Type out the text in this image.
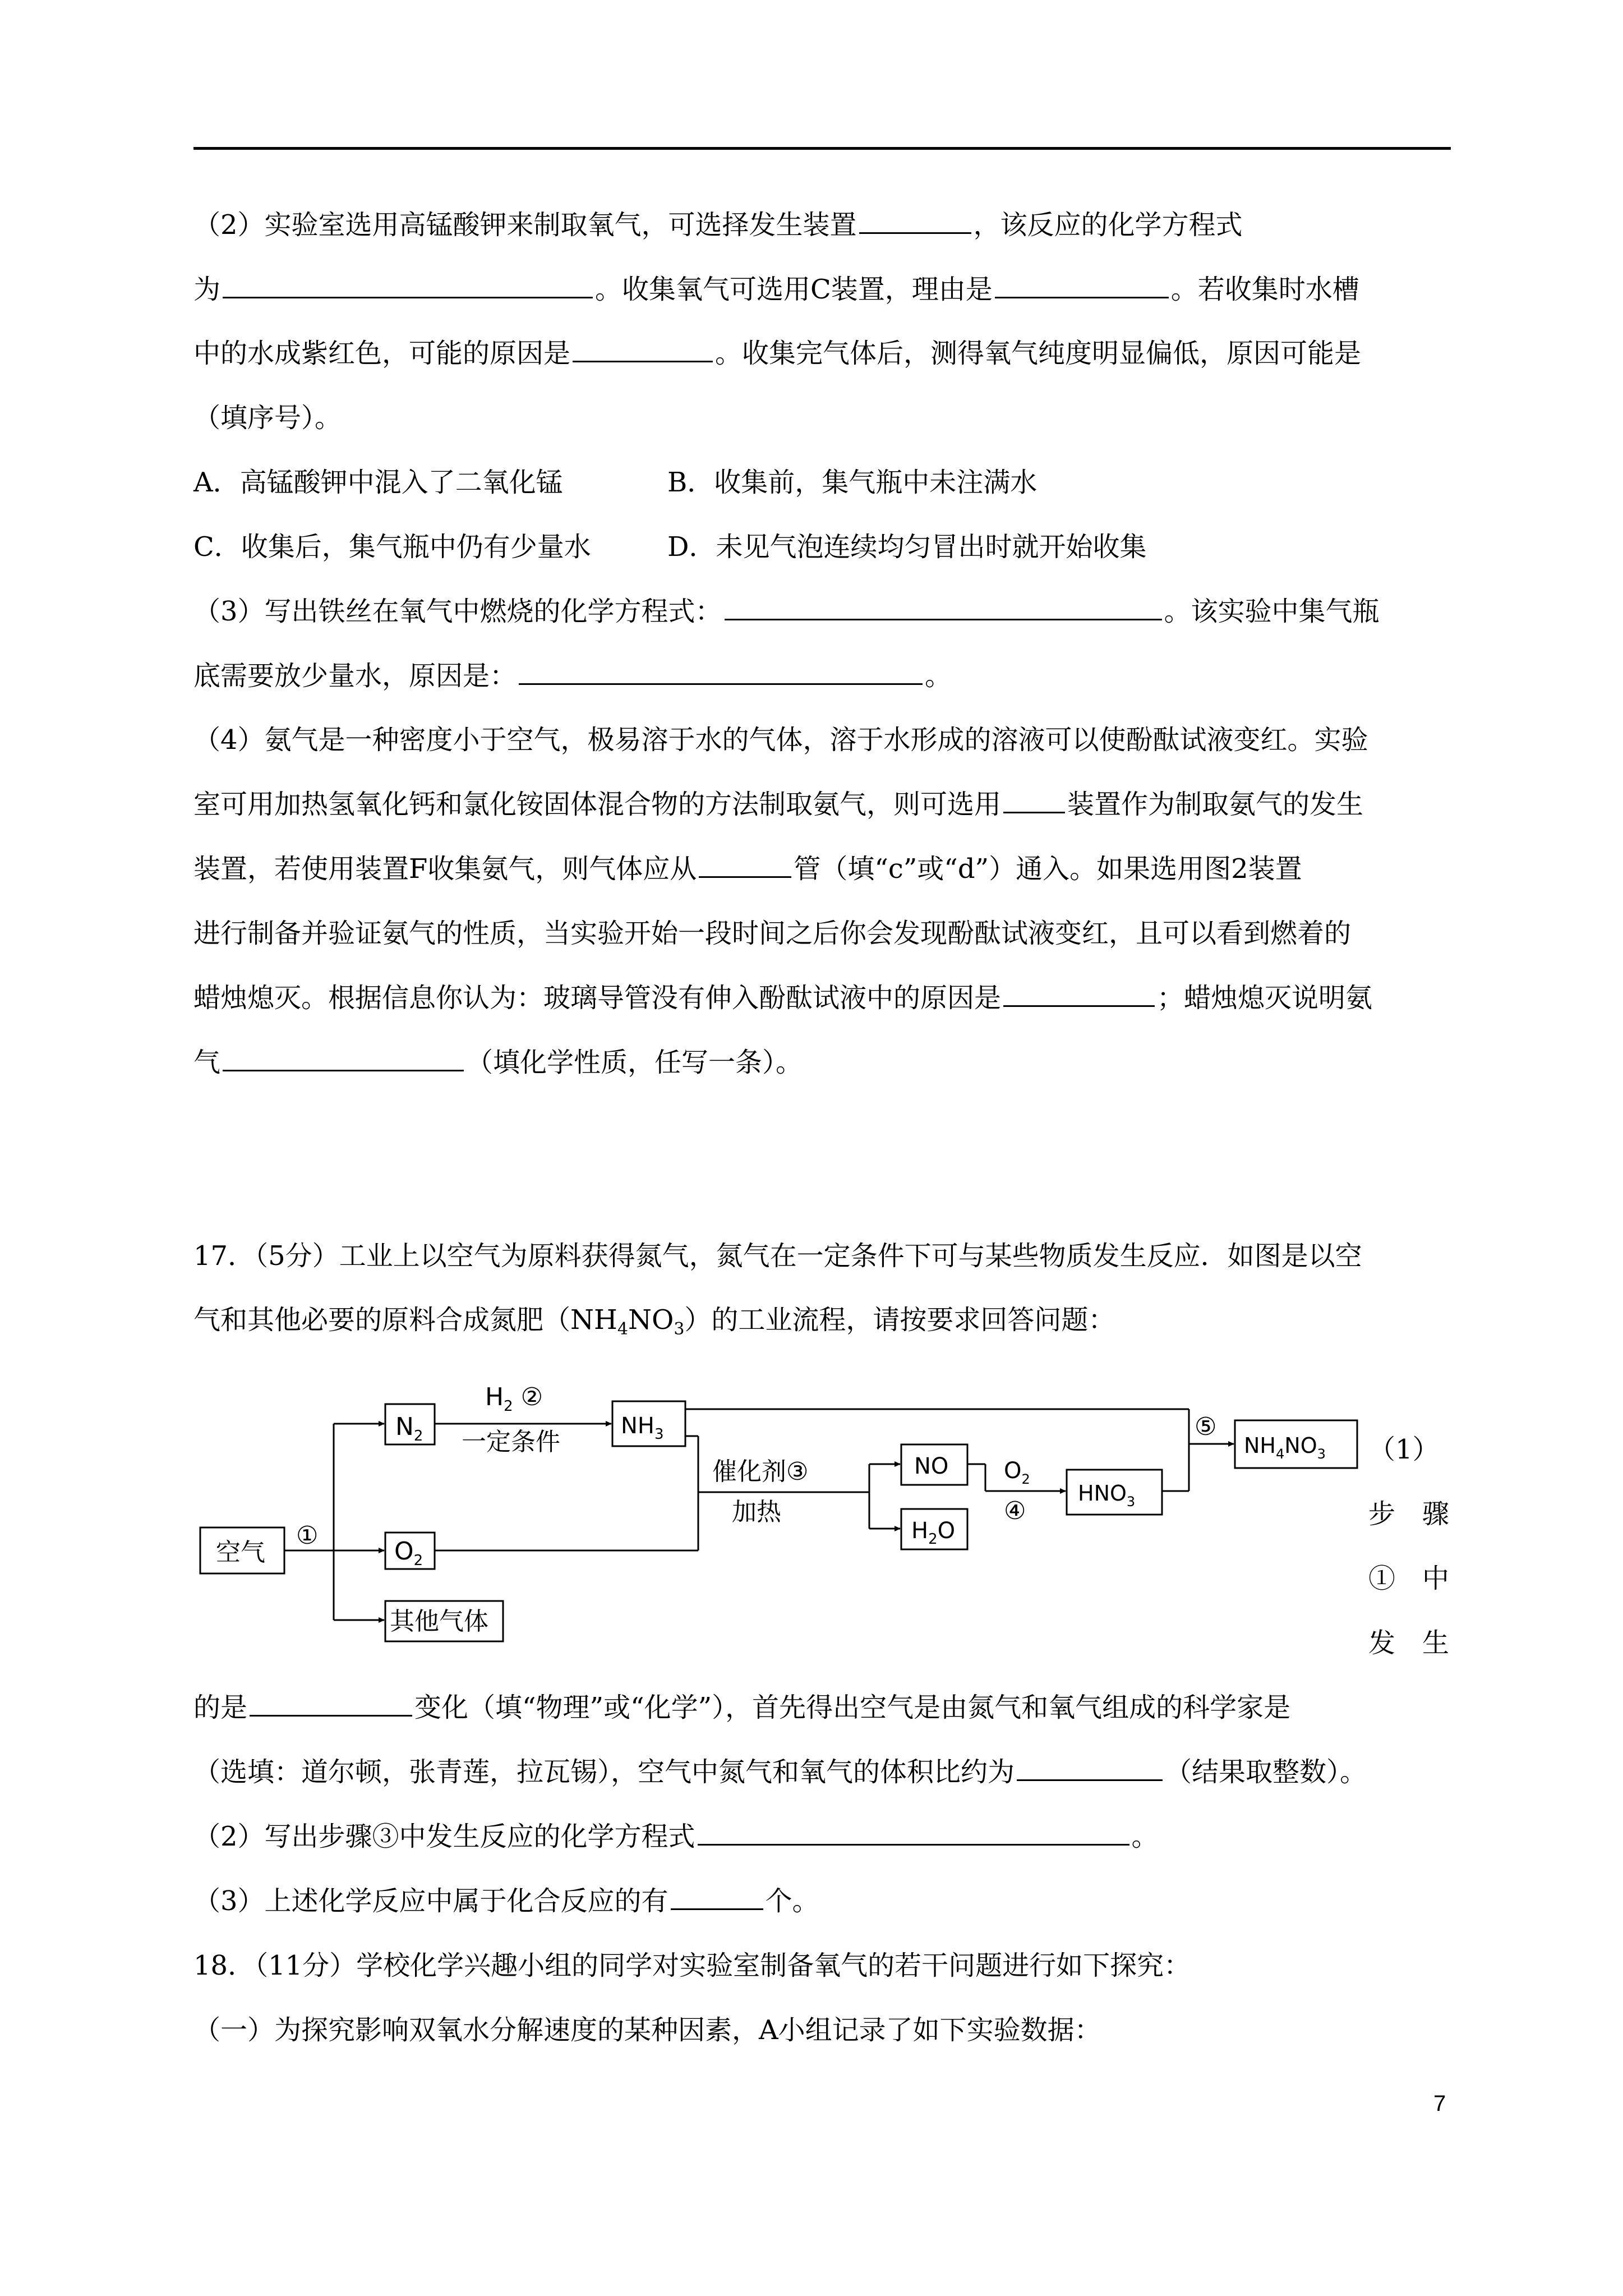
（2）实验室选用高锰酸钾来制取氧气，可选择发生装置	，该反应的化学方程式
为	。收集氧气可选用C装置，理由是	。若收集时水槽
中的水成紫红色，可能的原因是	。收集完气体后，测得氧气纯度明显偏低，原因可能是
（填序号）。
A．高锰酸钾中混入了二氧化锰	B．收集前，集气瓶中未注满水
C．收集后，集气瓶中仍有少量水	D．未见气泡连续均匀冒出时就开始收集
（3）写出铁丝在氧气中燃烧的化学方程式：	。该实验中集气瓶
底需要放少量水，原因是：	。
（4）氨气是一种密度小于空气，极易溶于水的气体，溶于水形成的溶液可以使酚酞试液变红。实验
室可用加热氢氧化钙和氯化铵固体混合物的方法制取氨气，则可选用 装置作为制取氨气的发生
装置，若使用装置F收集氨气，则气体应从	管（填“c”或“d”）通入。如果选用图2装置
进行制备并验证氨气的性质，当实验开始一段时间之后你会发现酚酞试液变红，且可以看到燃着的
蜡烛熄灭。根据信息你认为：玻璃导管没有伸入酚酞试液中的原因是	；蜡烛熄灭说明氨
气	（填化学性质，任写一条）。
17．（5分）工业上以空气为原料获得氮气，氮气在一定条件下可与某些物质发生反应．如图是以空
气和其他必要的原料合成氮肥$(NH_4NO_3)$的工业流程，请按要求回答问题：
空气
①
$N_2$
$O_2$
其他气体
$H_2$ ②
一定条件
$NH_3$
催化剂③
加热
NO
$H_2O$
$O_2$
④
$HNO_3$
⑤
$NH_4NO_3$ （1）
步　骤
①　中
发　生
的是	变化（填“物理”或“化学”），首先得出空气是由氮气和氧气组成的科学家是
（选填：道尔顿，张青莲，拉瓦锡），空气中氮气和氧气的体积比约为	（结果取整数）。
（2）写出步骤③中发生反应的化学方程式	。
（3）上述化学反应中属于化合反应的有	个。
18．（11分）学校化学兴趣小组的同学对实验室制备氧气的若干问题进行如下探究：
（一）为探究影响双氧水分解速度的某种因素，A小组记录了如下实验数据：
7
